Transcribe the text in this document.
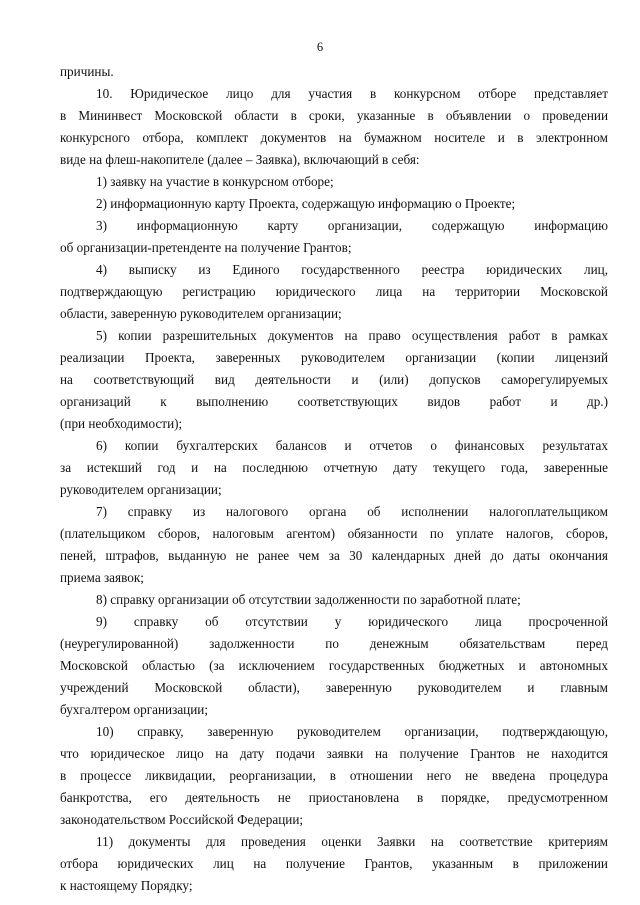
6
причины.
10. Юридическое лицо для участия в конкурсном отборе представляет
в Мининвест Московской области в сроки, указанные в объявлении о проведении
конкурсного отбора, комплект документов на бумажном носителе и в электронном
виде на флеш-накопителе (далее – Заявка), включающий в себя:
1) заявку на участие в конкурсном отборе;
2) информационную карту Проекта, содержащую информацию о Проекте;
3) информационную карту организации, содержащую информацию
об организации-претенденте на получение Грантов;
4) выписку из Единого государственного реестра юридических лиц,
подтверждающую регистрацию юридического лица на территории Московской
области, заверенную руководителем организации;
5) копии разрешительных документов на право осуществления работ в рамках
реализации Проекта, заверенных руководителем организации (копии лицензий
на соответствующий вид деятельности и (или) допусков саморегулируемых
организаций к выполнению соответствующих видов работ и др.)
(при необходимости);
6) копии бухгалтерских балансов и отчетов о финансовых результатах
за истекший год и на последнюю отчетную дату текущего года, заверенные
руководителем организации;
7) справку из налогового органа об исполнении налогоплательщиком
(плательщиком сборов, налоговым агентом) обязанности по уплате налогов, сборов,
пеней, штрафов, выданную не ранее чем за 30 календарных дней до даты окончания
приема заявок;
8) справку организации об отсутствии задолженности по заработной плате;
9) справку об отсутствии у юридического лица просроченной
(неурегулированной) задолженности по денежным обязательствам перед
Московской областью (за исключением государственных бюджетных и автономных
учреждений Московской области), заверенную руководителем и главным
бухгалтером организации;
10) справку, заверенную руководителем организации, подтверждающую,
что юридическое лицо на дату подачи заявки на получение Грантов не находится
в процессе ликвидации, реорганизации, в отношении него не введена процедура
банкротства, его деятельность не приостановлена в порядке, предусмотренном
законодательством Российской Федерации;
11) документы для проведения оценки Заявки на соответствие критериям
отбора юридических лиц на получение Грантов, указанным в приложении
к настоящему Порядку;
